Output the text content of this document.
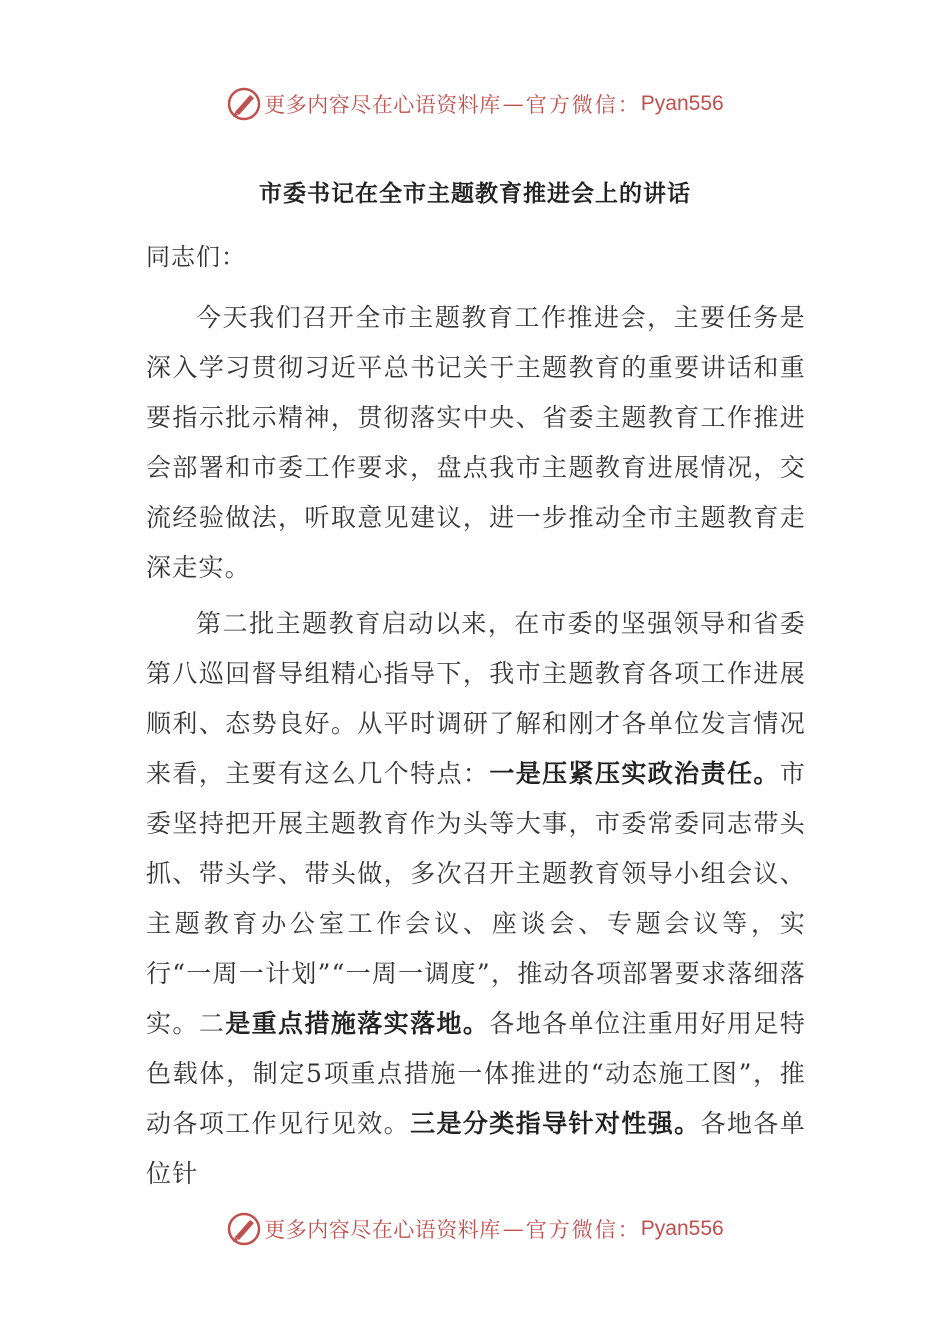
更多内容尽在心语资料库 — 官方微信： Pyan556
市委书记在全市主题教育推进会上的讲话
同志们：

今天我们召开全市主题教育工作推进会，主要任务是深入学习贯彻习近平总书记关于主题教育的重要讲话和重要指示批示精神，贯彻落实中央、省委主题教育工作推进会部署和市委工作要求，盘点我市主题教育进展情况，交流经验做法，听取意见建议，进一步推动全市主题教育走深走实。

第二批主题教育启动以来，在市委的坚强领导和省委第八巡回督导组精心指导下，我市主题教育各项工作进展顺利、态势良好。从平时调研了解和刚才各单位发言情况来看，主要有这么几个特点：一是压紧压实政治责任。市委坚持把开展主题教育作为头等大事，市委常委同志带头抓、带头学、带头做，多次召开主题教育领导小组会议、主题教育办公室工作会议、座谈会、专题会议等，实行“一周一计划”“一周一调度”，推动各项部署要求落细落实。二是重点措施落实落地。各地各单位注重用好用足特色载体，制定5项重点措施一体推进的“动态施工图”，推动各项工作见行见效。三是分类指导针对性强。各地各单位针

更多内容尽在心语资料库 — 官方微信： Pyan556
